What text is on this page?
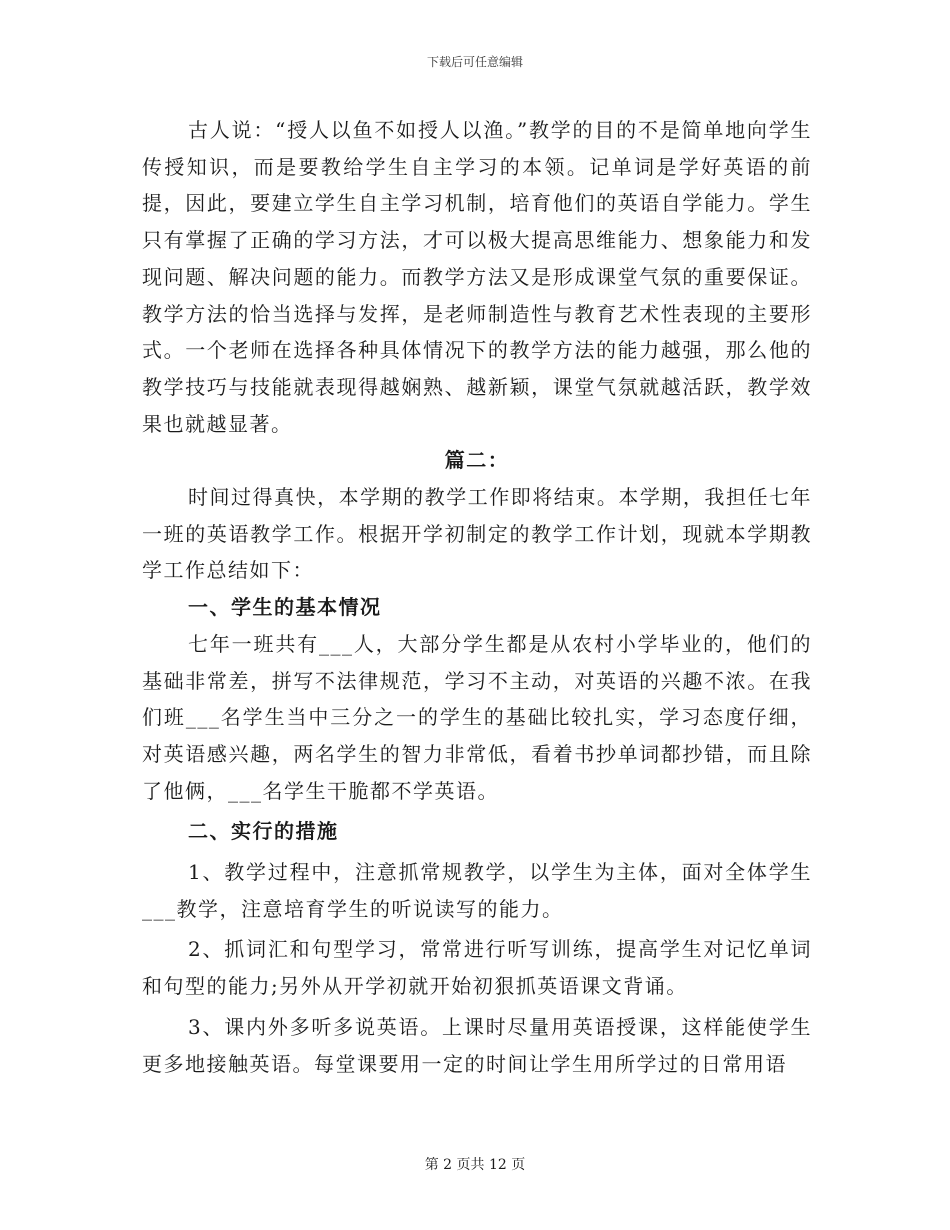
下载后可任意编辑

古人说：“授人以鱼不如授人以渔。”教学的目的不是简单地向学生传授知识，而是要教给学生自主学习的本领。记单词是学好英语的前提，因此，要建立学生自主学习机制，培育他们的英语自学能力。学生只有掌握了正确的学习方法，才可以极大提高思维能力、想象能力和发现问题、解决问题的能力。而教学方法又是形成课堂气氛的重要保证。教学方法的恰当选择与发挥，是老师制造性与教育艺术性表现的主要形式。一个老师在选择各种具体情况下的教学方法的能力越强，那么他的教学技巧与技能就表现得越娴熟、越新颖，课堂气氛就越活跃，教学效果也就越显著。

篇二：

时间过得真快，本学期的教学工作即将结束。本学期，我担任七年一班的英语教学工作。根据开学初制定的教学工作计划，现就本学期教学工作总结如下：

一、学生的基本情况

七年一班共有___人，大部分学生都是从农村小学毕业的，他们的基础非常差，拼写不法律规范，学习不主动，对英语的兴趣不浓。在我们班___名学生当中三分之一的学生的基础比较扎实，学习态度仔细，对英语感兴趣，两名学生的智力非常低，看着书抄单词都抄错，而且除了他俩，___名学生干脆都不学英语。

二、实行的措施

1、教学过程中，注意抓常规教学，以学生为主体，面对全体学生___教学，注意培育学生的听说读写的能力。

2、抓词汇和句型学习，常常进行听写训练，提高学生对记忆单词和句型的能力;另外从开学初就开始初狠抓英语课文背诵。

3、课内外多听多说英语。上课时尽量用英语授课，这样能使学生更多地接触英语。每堂课要用一定的时间让学生用所学过的日常用语

第 2 页共 12 页
